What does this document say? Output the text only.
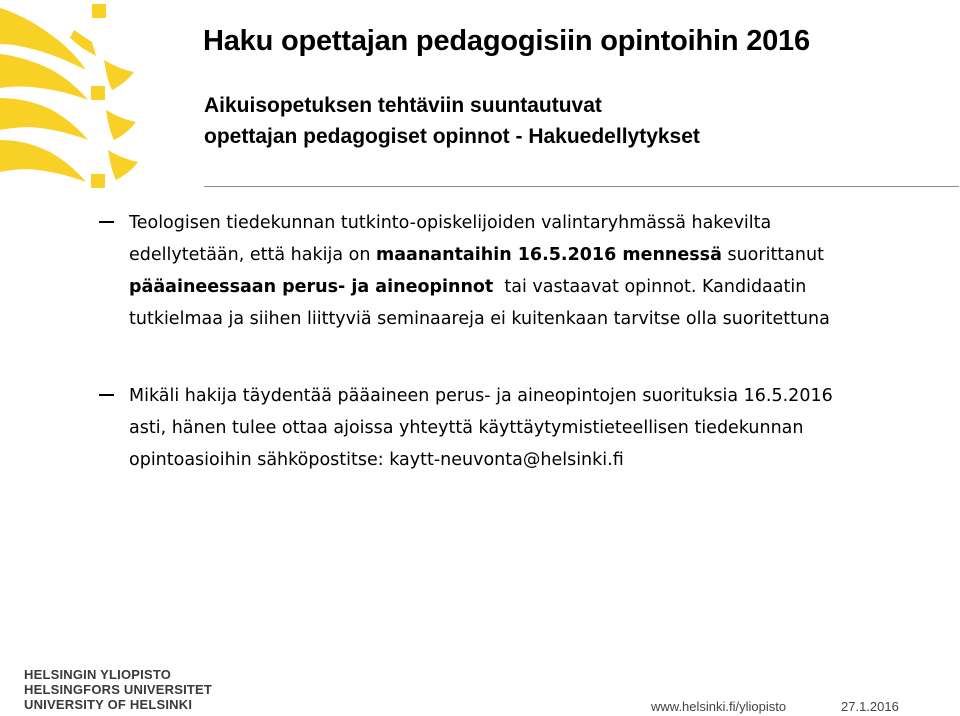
Haku opettajan pedagogisiin opintoihin 2016
Aikuisopetuksen tehtäviin suuntautuvat
opettajan pedagogiset opinnot - Hakuedellytykset
Teologisen tiedekunnan tutkinto-opiskelijoiden valintaryhmässä hakevilta
edellytetään, että hakija on maanantaihin 16.5.2016 mennessä suorittanut
pääaineessaan perus- ja aineopinnot  tai vastaavat opinnot. Kandidaatin
tutkielmaa ja siihen liittyviä seminaareja ei kuitenkaan tarvitse olla suoritettuna
Mikäli hakija täydentää pääaineen perus- ja aineopintojen suorituksia 16.5.2016
asti, hänen tulee ottaa ajoissa yhteyttä käyttäytymistieteellisen tiedekunnan
opintoasioihin sähköpostitse: kaytt-neuvonta@helsinki.fi
HELSINGIN YLIOPISTO
HELSINGFORS UNIVERSITET
UNIVERSITY OF HELSINKI	www.helsinki.fi/yliopisto	27.1.2016
